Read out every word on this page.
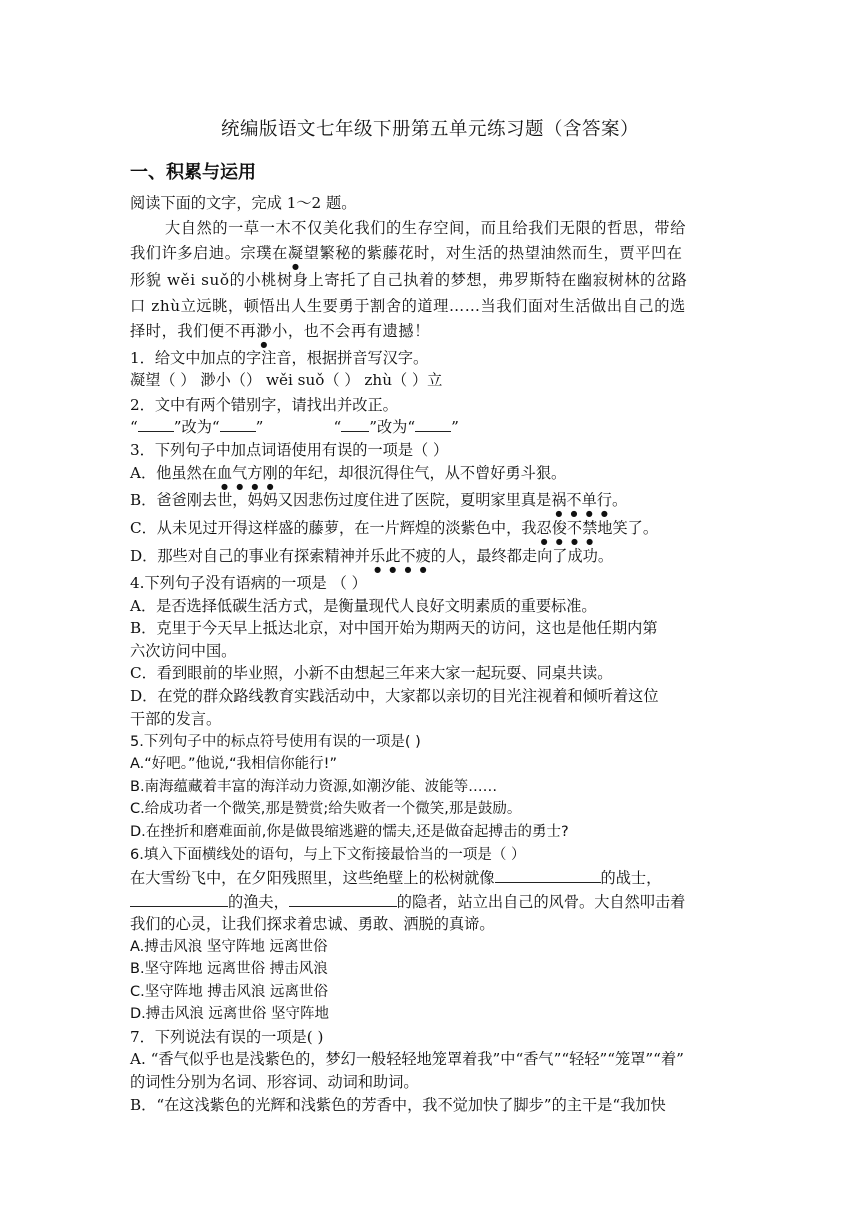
统编版语文七年级下册第五单元练习题（含答案）
一、积累与运用
阅读下面的文字，完成 1～2 题。
大自然的一草一木不仅美化我们的生存空间，而且给我们无限的哲思，带给
我们许多启迪。宗璞在凝望繁秘的紫藤花时，对生活的热望油然而生，贾平凹在
形貌 wěi suǒ的小桃树身上寄托了自己执着的梦想，弗罗斯特在幽寂树林的岔路
口 zhù立远眺，顿悟出人生要勇于割舍的道理……当我们面对生活做出自己的选
择时，我们便不再渺小，也不会再有遗撼！
1．给文中加点的字注音，根据拼音写汉字。
凝望（ ） 渺小（） wěi suǒ（ ） zhù（ ）立
2．文中有两个错别字，请找出并改正。
“ ”改为“ ”	“ ”改为“ ”
3．下列句子中加点词语使用有误的一项是（ ）
A．他虽然在血气方刚的年纪，却很沉得住气，从不曾好勇斗狠。
B．爸爸刚去世，妈妈又因悲伤过度住进了医院，夏明家里真是祸不单行。
C．从未见过开得这样盛的藤萝，在一片辉煌的淡紫色中，我忍俊不禁地笑了。
D．那些对自己的事业有探索精神并乐此不疲的人，最终都走向了成功。
4.下列句子没有语病的一项是 （ ）
A．是否选择低碳生活方式，是衡量现代人良好文明素质的重要标准。
B．克里于今天早上抵达北京，对中国开始为期两天的访问，这也是他任期内第
六次访问中国。
C．看到眼前的毕业照，小新不由想起三年来大家一起玩耍、同桌共读。
D．在党的群众路线教育实践活动中，大家都以亲切的目光注视着和倾听着这位
干部的发言。
5.下列句子中的标点符号使用有误的一项是( )
A.“好吧。”他说,“我相信你能行!”
B.南海蕴藏着丰富的海洋动力资源,如潮汐能、波能等……
C.给成功者一个微笑,那是赞赏;给失败者一个微笑,那是鼓励。
D.在挫折和磨难面前,你是做畏缩逃避的懦夫,还是做奋起搏击的勇士?
6.填入下面横线处的语句，与上下文衔接最恰当的一项是（ ）
在大雪纷飞中，在夕阳残照里，这些绝壁上的松树就像	的战士，
的渔夫，	的隐者，站立出自己的风骨。大自然叩击着
我们的心灵，让我们探求着忠诚、勇敢、洒脱的真谛。
A.搏击风浪 坚守阵地 远离世俗
B.坚守阵地 远离世俗 搏击风浪
C.坚守阵地 搏击风浪 远离世俗
D.搏击风浪 远离世俗 坚守阵地
7．下列说法有误的一项是( )
A. “香气似乎也是浅紫色的，梦幻一般轻轻地笼罩着我”中“香气”“轻轻”“笼罩”“着”
的词性分别为名词、形容词、动词和助词。
B．“在这浅紫色的光辉和浅紫色的芳香中，我不觉加快了脚步”的主干是“我加快
